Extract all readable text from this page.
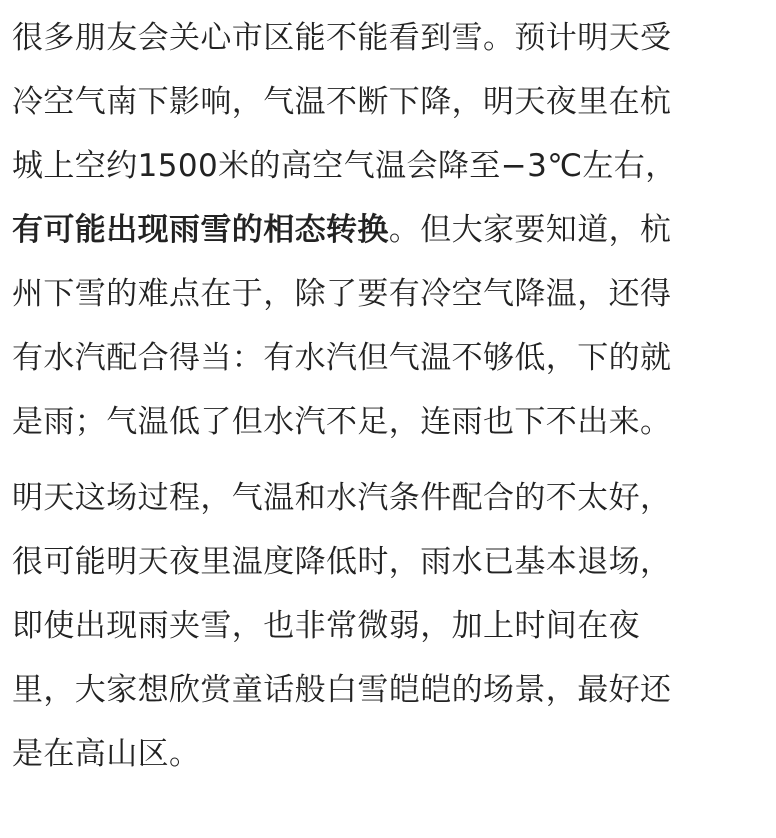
很多朋友会关心市区能不能看到雪。预计明天受
冷空气南下影响，气温不断下降，明天夜里在杭
城上空约1500米的高空气温会降至−3℃左右，
有可能出现雨雪的相态转换。但大家要知道，杭
州下雪的难点在于，除了要有冷空气降温，还得
有水汽配合得当：有水汽但气温不够低，下的就
是雨；气温低了但水汽不足，连雨也下不出来。

明天这场过程，气温和水汽条件配合的不太好，
很可能明天夜里温度降低时，雨水已基本退场，
即使出现雨夹雪，也非常微弱，加上时间在夜
里，大家想欣赏童话般白雪皑皑的场景，最好还
是在高山区。
